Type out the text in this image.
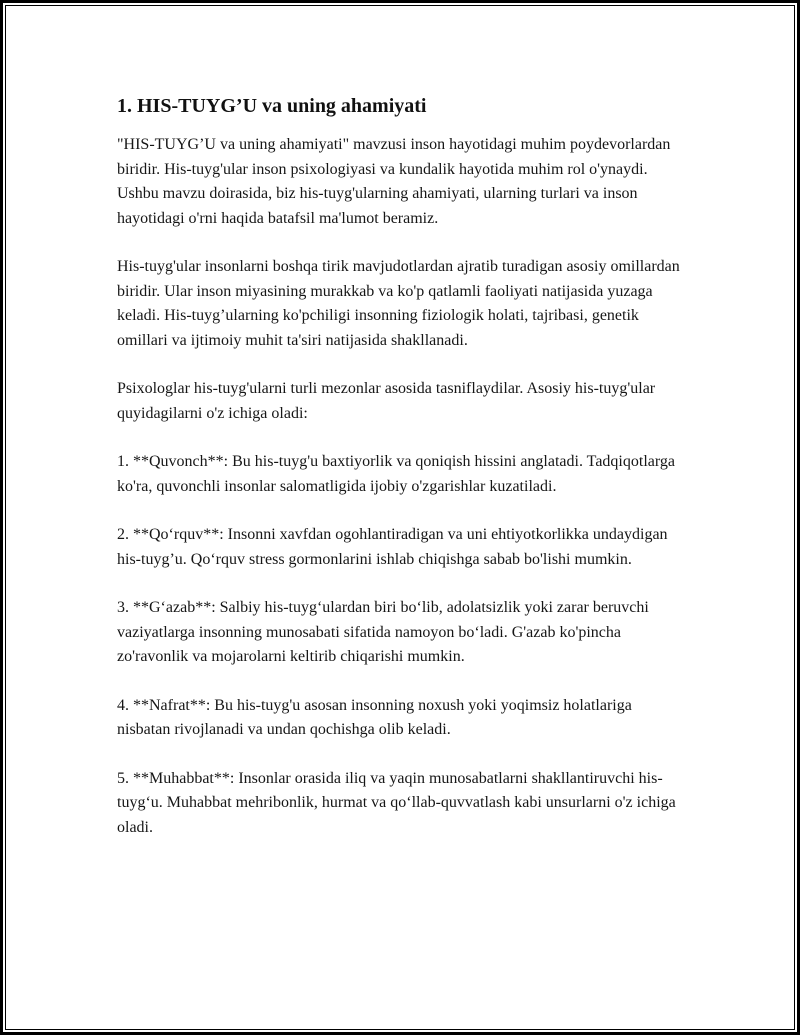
1. HIS-TUYG’U va uning ahamiyati

"HIS-TUYG’U va uning ahamiyati" mavzusi inson hayotidagi muhim poydevorlardan biridir. His-tuyg'ular inson psixologiyasi va kundalik hayotida muhim rol o'ynaydi. Ushbu mavzu doirasida, biz his-tuyg'ularning ahamiyati, ularning turlari va inson hayotidagi o'rni haqida batafsil ma'lumot beramiz.

His-tuyg'ular insonlarni boshqa tirik mavjudotlardan ajratib turadigan asosiy omillardan biridir. Ular inson miyasining murakkab va ko'p qatlamli faoliyati natijasida yuzaga keladi. His-tuyg’ularning ko'pchiligi insonning fiziologik holati, tajribasi, genetik omillari va ijtimoiy muhit ta'siri natijasida shakllanadi.

Psixologlar his-tuyg'ularni turli mezonlar asosida tasniflaydilar. Asosiy his-tuyg'ular quyidagilarni o'z ichiga oladi:

1. **Quvonch**: Bu his-tuyg'u baxtiyorlik va qoniqish hissini anglatadi. Tadqiqotlarga ko'ra, quvonchli insonlar salomatligida ijobiy o'zgarishlar kuzatiladi.

2. **Qo‘rquv**: Insonni xavfdan ogohlantiradigan va uni ehtiyotkorlikka undaydigan his-tuyg’u. Qo‘rquv stress gormonlarini ishlab chiqishga sabab bo'lishi mumkin.

3. **G‘azab**: Salbiy his-tuyg‘ulardan biri bo‘lib, adolatsizlik yoki zarar beruvchi vaziyatlarga insonning munosabati sifatida namoyon bo‘ladi. G'azab ko'pincha zo'ravonlik va mojarolarni keltirib chiqarishi mumkin.

4. **Nafrat**: Bu his-tuyg'u asosan insonning noxush yoki yoqimsiz holatlariga nisbatan rivojlanadi va undan qochishga olib keladi.

5. **Muhabbat**: Insonlar orasida iliq va yaqin munosabatlarni shakllantiruvchi his-tuyg‘u. Muhabbat mehribonlik, hurmat va qo‘llab-quvvatlash kabi unsurlarni o'z ichiga oladi.
